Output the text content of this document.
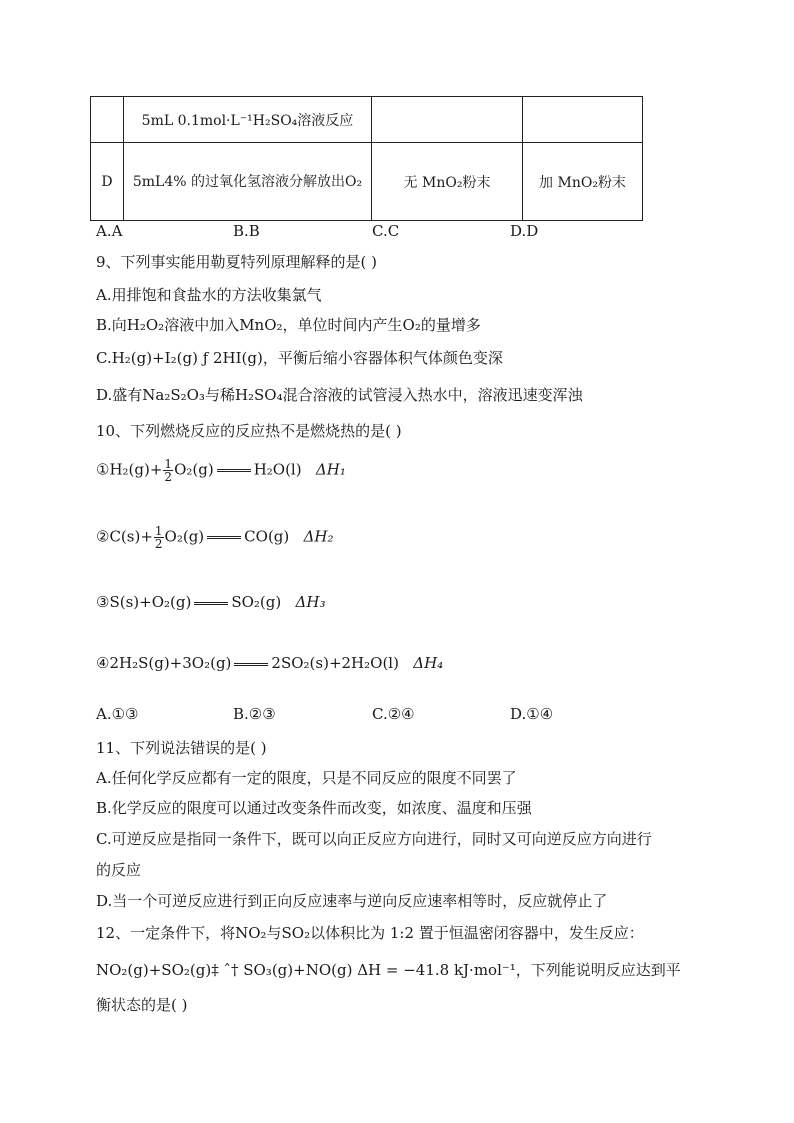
	5mL 0.1mol·L⁻¹H₂SO₄溶液反应		
D	5mL4% 的过氧化氢溶液分解放出O₂	无 MnO₂粉末	加 MnO₂粉末
A.A	B.B	C.C	D.D
9、下列事实能用勒夏特列原理解释的是( )
A.用排饱和食盐水的方法收集氯气
B.向H₂O₂溶液中加入MnO₂，单位时间内产生O₂的量增多
C.H₂(g)+I₂(g) ƒ 2HI(g)，平衡后缩小容器体积气体颜色变深
D.盛有Na₂S₂O₃与稀H₂SO₄混合溶液的试管浸入热水中，溶液迅速变浑浊
10、下列燃烧反应的反应热不是燃烧热的是( )
①H₂(g)+ $\frac{1}{2} O_2(g)$	H₂O(l) ΔH₁
②C(s)+ $\frac{1}{2} O_2(g)$	CO(g) ΔH₂
③S(s)+O₂(g)	SO₂(g) ΔH₃
④2H₂S(g)+3O₂(g)	2SO₂(s)+2H₂O(l) ΔH₄
A.①③	B.②③	C.②④	D.①④
11、下列说法错误的是( )
A.任何化学反应都有一定的限度，只是不同反应的限度不同罢了
B.化学反应的限度可以通过改变条件而改变，如浓度、温度和压强
C.可逆反应是指同一条件下，既可以向正反应方向进行，同时又可向逆反应方向进行
的反应
D.当一个可逆反应进行到正向反应速率与逆向反应速率相等时，反应就停止了
12、一定条件下，将NO₂与SO₂以体积比为 1:2 置于恒温密闭容器中，发生反应：
NO₂(g)+SO₂(g)‡ ˆ† SO₃(g)+NO(g) ΔH = −41.8 kJ·mol⁻¹，下列能说明反应达到平
衡状态的是( )
